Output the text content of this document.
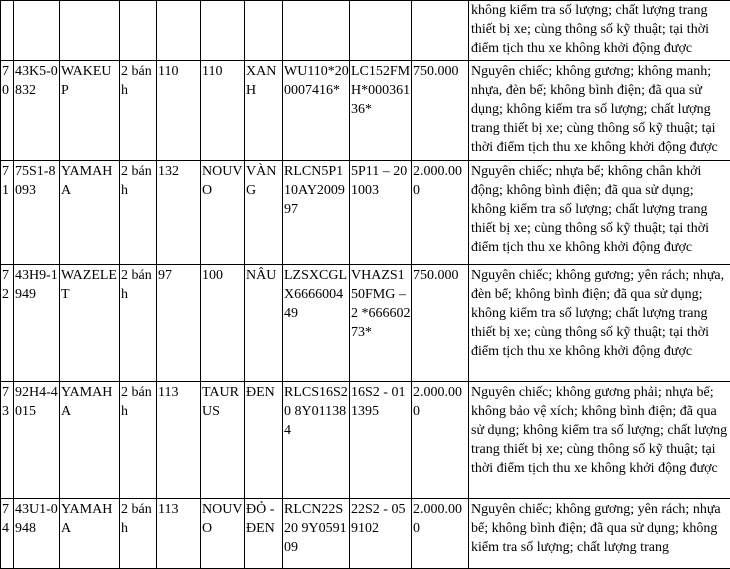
										không kiểm tra số lượng; chất lượng trang thiết bị xe; cùng thông số kỹ thuật; tại thời điểm tịch thu xe không khởi động được
70	43K5-0832	WAKEUP	2 bánh	110	110	XANH	WU110*200007416*	LC152FMH*00036136*	750.000	Nguyên chiếc; không gương; không manh; nhựa, đèn bể; không bình điện; đã qua sử dụng; không kiểm tra số lượng; chất lượng trang thiết bị xe; cùng thông số kỹ thuật; tại thời điểm tịch thu xe không khởi động được
71	75S1-8093	YAMAHA	2 bánh	132	NOUVO	VÀNG	RLCN5P110AY200997	5P11 – 201003	2.000.000	Nguyên chiếc; nhựa bể; không chân khởi động; không bình điện; đã qua sử dụng; không kiểm tra số lượng; chất lượng trang thiết bị xe; cùng thông số kỹ thuật; tại thời điểm tịch thu xe không khởi động được
72	43H9-1949	WAZELET	2 bánh	97	100	NÂU	LZSXCGLX666600449	VHAZS150FMG – 2 *66660273*	750.000	Nguyên chiếc; không gương; yên rách; nhựa, đèn bể; không bình điện; đã qua sử dụng; không kiểm tra số lượng; chất lượng trang thiết bị xe; cùng thông số kỹ thuật; tại thời điểm tịch thu xe không khởi động được
73	92H4-4015	YAMAHA	2 bánh	113	TAURUS	ĐEN	RLCS16S20 8Y011384	16S2 - 011395	2.000.000	Nguyên chiếc; không gương phải; nhựa bể; không bảo vệ xích; không bình điện; đã qua sử dụng; không kiểm tra số lượng; chất lượng trang thiết bị xe; cùng thông số kỹ thuật; tại thời điểm tịch thu xe không khởi động được
74	43U1-0948	YAMAHA	2 bánh	113	NOUVO	ĐỎ - ĐEN	RLCN22S20 9Y059109	22S2 - 059102	2.000.000	Nguyên chiếc; không gương; yên rách; nhựa bể; không bình điện; đã qua sử dụng; không kiểm tra số lượng; chất lượng trang
